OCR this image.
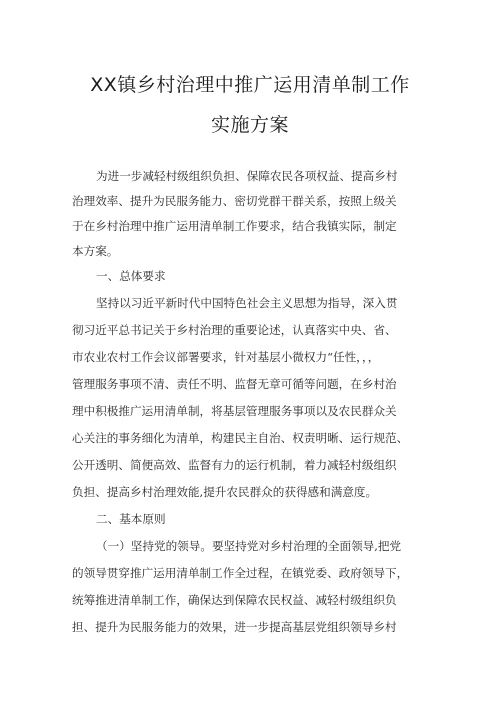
XX镇乡村治理中推广运用清单制工作
实施方案
为进一步减轻村级组织负担、保障农民各项权益、提高乡村
治理效率、提升为民服务能力、密切党群干群关系，按照上级关
于在乡村治理中推广运用清单制工作要求，结合我镇实际，制定
本方案。
一、总体要求
坚持以习近平新时代中国特色社会主义思想为指导，深入贯
彻习近平总书记关于乡村治理的重要论述，认真落实中央、省、
市农业农村工作会议部署要求，针对基层小微权力“任性，，，
管理服务事项不清、责任不明、监督无章可循等问题，在乡村治
理中积极推广运用清单制，将基层管理服务事项以及农民群众关
心关注的事务细化为清单，构建民主自治、权责明晰、运行规范、
公开透明、简便高效、监督有力的运行机制，着力减轻村级组织
负担、提高乡村治理效能,提升农民群众的获得感和满意度。
二、基本原则
（一）坚持党的领导。要坚持党对乡村治理的全面领导,把党
的领导贯穿推广运用清单制工作全过程，在镇党委、政府领导下，
统筹推进清单制工作，确保达到保障农民权益、减轻村级组织负
担、提升为民服务能力的效果，进一步提高基层党组织领导乡村
